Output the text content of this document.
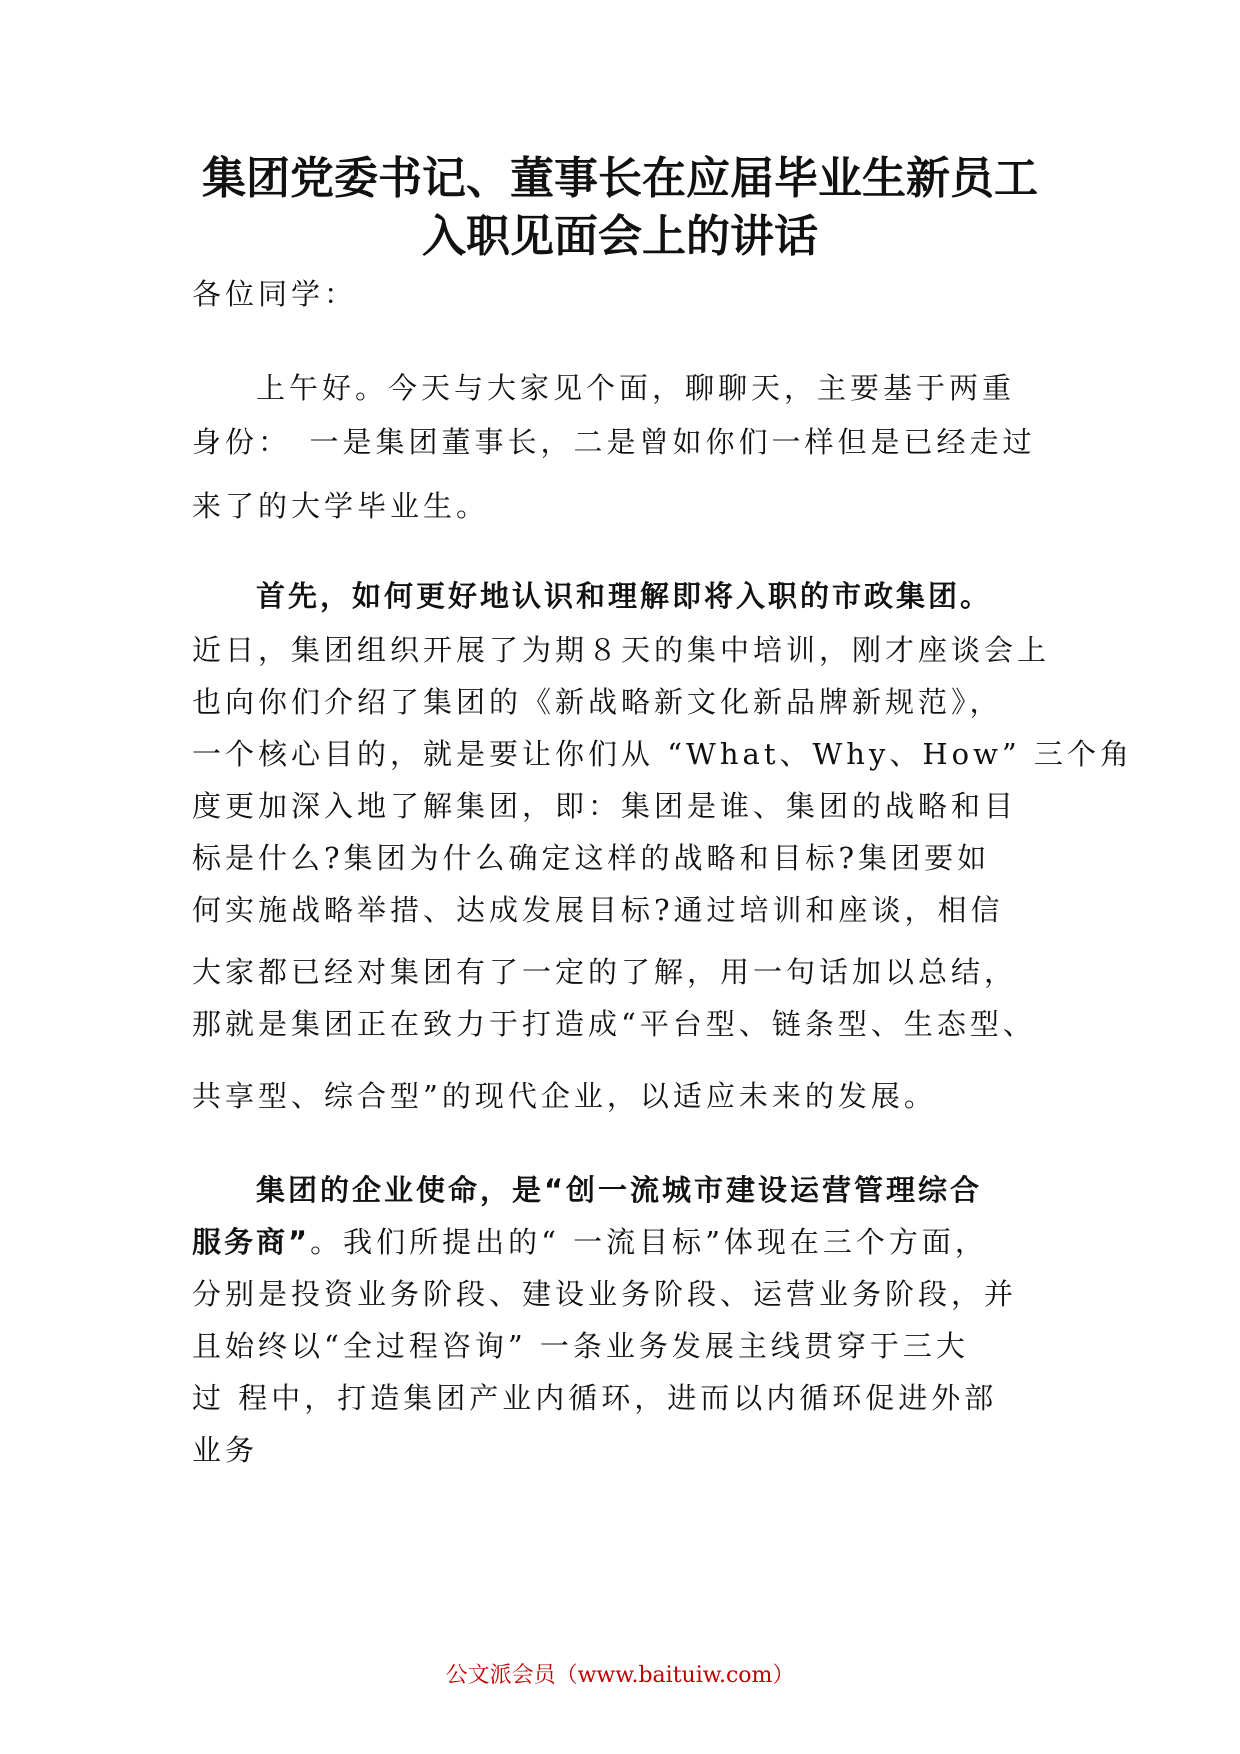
集团党委书记、董事长在应届毕业生新员工
入职见面会上的讲话

各位同学：

上午好。今天与大家见个面，聊聊天，主要基于两重

身份：　一是集团董事长，二是曾如你们一样但是已经走过

来了的大学毕业生。

首先，如何更好地认识和理解即将入职的市政集团。

近日，集团组织开展了为期８天的集中培训，刚才座谈会上

也向你们介绍了集团的《新战略新文化新品牌新规范》，

一个核心目的，就是要让你们从 “What、Why、How” 三个角

度更加深入地了解集团，即：集团是谁、集团的战略和目

标是什么?集团为什么确定这样的战略和目标?集团要如

何实施战略举措、达成发展目标?通过培训和座谈，相信

大家都已经对集团有了一定的了解，用一句话加以总结，

那就是集团正在致力于打造成“平台型、链条型、生态型、

共享型、综合型”的现代企业，以适应未来的发展。

集团的企业使命，是“创一流城市建设运营管理综合

服务商”。我们所提出的“ 一流目标”体现在三个方面，

分别是投资业务阶段、建设业务阶段、运营业务阶段，并

且始终以“全过程咨询” 一条业务发展主线贯穿于三大

过 程中，打造集团产业内循环，进而以内循环促进外部

业务

公文派会员（www.baituiw.com）
